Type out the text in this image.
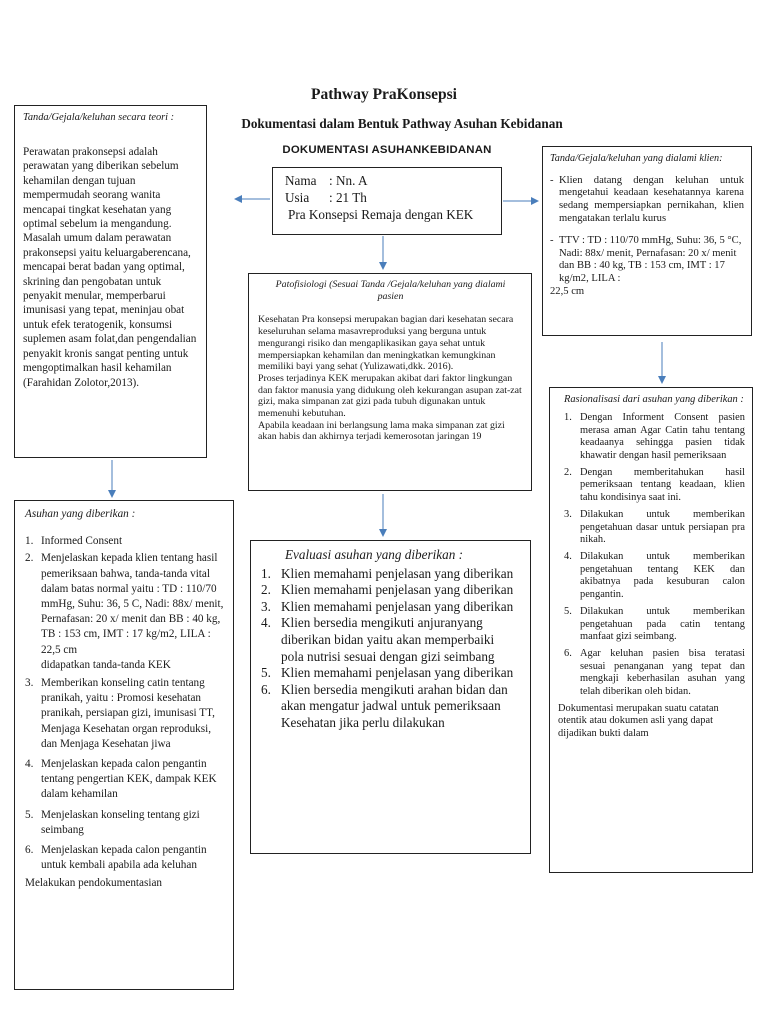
Pathway PraKonsepsi
Dokumentasi dalam Bentuk Pathway Asuhan Kebidanan
DOKUMENTASI ASUHANKEBIDANAN
Nama : Nn. A
Usia	: 21 Th
Pra Konsepsi Remaja dengan KEK

Tanda/Gejala/keluhan secara teori :

Perawatan prakonsepsi adalah perawatan yang diberikan sebelum kehamilan dengan tujuan mempermudah seorang wanita mencapai tingkat kesehatan yang optimal sebelum ia mengandung. Masalah umum dalam perawatan prakonsepsi yaitu keluargaberencana, mencapai berat badan yang optimal, skrining dan pengobatan untuk penyakit menular, memperbarui imunisasi yang tepat, meninjau obat untuk efek teratogenik, konsumsi suplemen asam folat,dan pengendalian penyakit kronis sangat penting untuk mengoptimalkan hasil kehamilan

(Farahidan Zolotor,2013).

Tanda/Gejala/keluhan yang dialami klien:

- Klien datang dengan keluhan untuk mengetahui keadaan kesehatannya karena sedang mempersiapkan pernikahan, klien mengatakan terlalu kurus
- TTV : TD : 110/70 mmHg, Suhu: 36, 5 °C, Nadi: 88x/ menit, Pernafasan: 20 x/ menit dan BB : 40 kg, TB : 153 cm, IMT : 17 kg/m2, LILA :

22,5 cm

Patofisiologi (Sesuai Tanda /Gejala/keluhan yang dialami pasien

Kesehatan Pra konsepsi merupakan bagian dari kesehatan secara keseluruhan selama masavreproduksi yang berguna untuk mengurangi risiko dan mengaplikasikan gaya sehat untuk mempersiapkan kehamilan dan meningkatkan kemungkinan memiliki bayi yang sehat (Yulizawati,dkk. 2016).

Proses terjadinya KEK merupakan akibat dari faktor lingkungan dan faktor manusia yang didukung oleh kekurangan asupan zat-zat gizi, maka simpanan zat gizi pada tubuh digunakan untuk memenuhi kebutuhan.

Apabila keadaan ini berlangsung lama maka simpanan zat gizi akan habis dan akhirnya terjadi kemerosotan jaringan 19

Asuhan yang diberikan :

1. Informed Consent
2. Menjelaskan kepada klien tentang hasil pemeriksaan bahwa, tanda-tanda vital dalam batas normal yaitu : TD : 110/70 mmHg, Suhu: 36, 5 C, Nadi: 88x/ menit, Pernafasan: 20 x/ menit dan BB : 40 kg, TB : 153 cm, IMT : 17 kg/m2, LILA : 22,5 cm
didapatkan tanda-tanda KEK
3. Memberikan konseling catin tentang pranikah, yaitu : Promosi kesehatan pranikah, persiapan gizi, imunisasi TT, Menjaga Kesehatan organ reproduksi, dan Menjaga Kesehatan jiwa
4. Menjelaskan kepada calon pengantin tentang pengertian KEK, dampak KEK dalam kehamilan
5. Menjelaskan konseling tentang gizi seimbang
6. Menjelaskan kepada calon pengantin untuk kembali apabila ada keluhan

Melakukan pendokumentasian

Evaluasi asuhan yang diberikan :

1. Klien memahami penjelasan yang diberikan
2. Klien memahami penjelasan yang diberikan
3. Klien memahami penjelasan yang diberikan
4. Klien bersedia mengikuti anjuranyang diberikan bidan yaitu akan memperbaiki pola nutrisi sesuai dengan gizi seimbang
5. Klien memahami penjelasan yang diberikan
6. Klien bersedia mengikuti arahan bidan dan akan mengatur jadwal untuk pemeriksaan Kesehatan jika perlu dilakukan

Rasionalisasi dari asuhan yang diberikan :

1. Dengan Informent Consent pasien merasa aman Agar Catin tahu tentang keadaanya sehingga pasien tidak khawatir dengan hasil pemeriksaan
2. Dengan memberitahukan hasil pemeriksaan tentang keadaan, klien tahu kondisinya saat ini.
3. Dilakukan untuk memberikan pengetahuan dasar untuk persiapan pra nikah.
4. Dilakukan untuk memberikan pengetahuan tentang KEK dan akibatnya pada kesuburan calon pengantin.
5. Dilakukan untuk memberikan pengetahuan pada catin tentang manfaat gizi seimbang.
6. Agar keluhan pasien bisa teratasi sesuai penanganan yang tepat dan mengkaji keberhasilan asuhan yang telah diberikan oleh bidan.

Dokumentasi merupakan suatu catatan otentik atau dokumen asli yang dapat dijadikan bukti dalam
